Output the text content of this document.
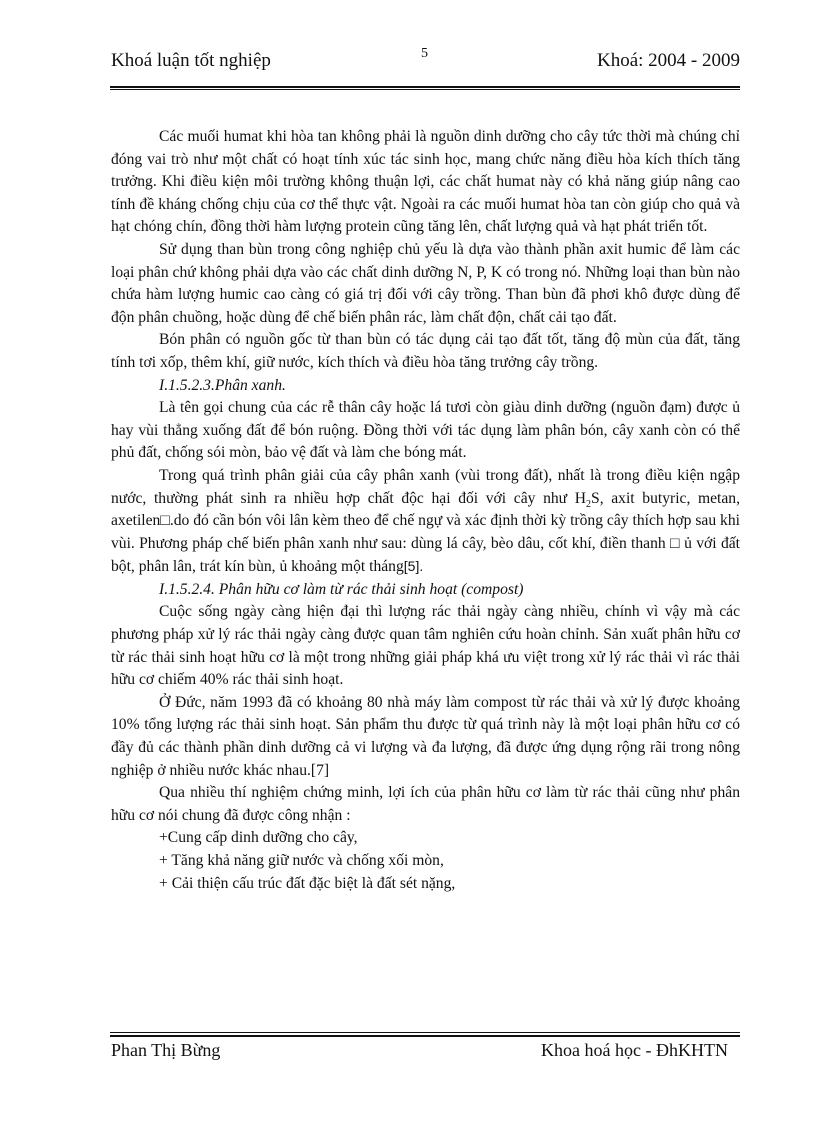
Khoá luận tốt nghiệp	5	Khoá: 2004 - 2009

Các muối humat khi hòa tan không phải là nguồn dinh dưỡng cho cây tức thời mà chúng chỉ đóng vai trò như một chất có hoạt tính xúc tác sinh học, mang chức năng điều hòa kích thích tăng trưởng. Khi điều kiện môi trường không thuận lợi, các chất humat này có khả năng giúp nâng cao tính đề kháng chống chịu của cơ thể thực vật. Ngoài ra các muối humat hòa tan còn giúp cho quả và hạt chóng chín, đồng thời hàm lượng protein cũng tăng lên, chất lượng quả và hạt phát triển tốt.

Sử dụng than bùn trong công nghiệp chủ yếu là dựa vào thành phần axit humic để làm các loại phân chứ không phải dựa vào các chất dinh dưỡng N, P, K có trong nó. Những loại than bùn nào chứa hàm lượng humic cao càng có giá trị đối với cây trồng. Than bùn đã phơi khô được dùng để độn phân chuồng, hoặc dùng để chế biến phân rác, làm chất độn, chất cải tạo đất.

Bón phân có nguồn gốc từ than bùn có tác dụng cải tạo đất tốt, tăng độ mùn của đất, tăng tính tơi xốp, thêm khí, giữ nước, kích thích và điều hòa tăng trưởng cây trồng.

I.1.5.2.3.Phân xanh.

Là tên gọi chung của các rễ thân cây hoặc lá tươi còn giàu dinh dưỡng (nguồn đạm) được ủ hay vùi thẳng xuống đất để bón ruộng. Đồng thời với tác dụng làm phân bón, cây xanh còn có thể phủ đất, chống sói mòn, bảo vệ đất và làm che bóng mát.

Trong quá trình phân giải của cây phân xanh (vùi trong đất), nhất là trong điều kiện ngập nước, thường phát sinh ra nhiều hợp chất độc hại đối với cây như $H_2S$, axit butyric, metan, axetilen□.do đó cần bón vôi lân kèm theo để chế ngự và xác định thời kỳ trồng cây thích hợp sau khi vùi. Phương pháp chế biến phân xanh như sau: dùng lá cây, bèo dâu, cốt khí, điền thanh □ ủ với đất bột, phân lân, trát kín bùn, ủ khoảng một tháng[5].

I.1.5.2.4. Phân hữu cơ làm từ rác thải sinh hoạt (compost)

Cuộc sống ngày càng hiện đại thì lượng rác thải ngày càng nhiều, chính vì vậy mà các phương pháp xử lý rác thải ngày càng được quan tâm nghiên cứu hoàn chỉnh. Sản xuất phân hữu cơ từ rác thải sinh hoạt hữu cơ là một trong những giải pháp khá ưu việt trong xử lý rác thải vì rác thải hữu cơ chiếm 40% rác thải sinh hoạt.

Ở Đức, năm 1993 đã có khoảng 80 nhà máy làm compost từ rác thải và xử lý được khoảng 10% tổng lượng rác thải sinh hoạt. Sản phẩm thu được từ quá trình này là một loại phân hữu cơ có đầy đủ các thành phần dinh dưỡng cả vi lượng và đa lượng, đã được ứng dụng rộng rãi trong nông nghiệp ở nhiều nước khác nhau.[7]

Qua nhiều thí nghiệm chứng minh, lợi ích của phân hữu cơ làm từ rác thải cũng như phân hữu cơ nói chung đã được công nhận :

+Cung cấp dinh dưỡng cho cây,

+ Tăng khả năng giữ nước và chống xối mòn,

+ Cải thiện cấu trúc đất đặc biệt là đất sét nặng,

Phan Thị Bừng	Khoa hoá học - ĐhKHTN
